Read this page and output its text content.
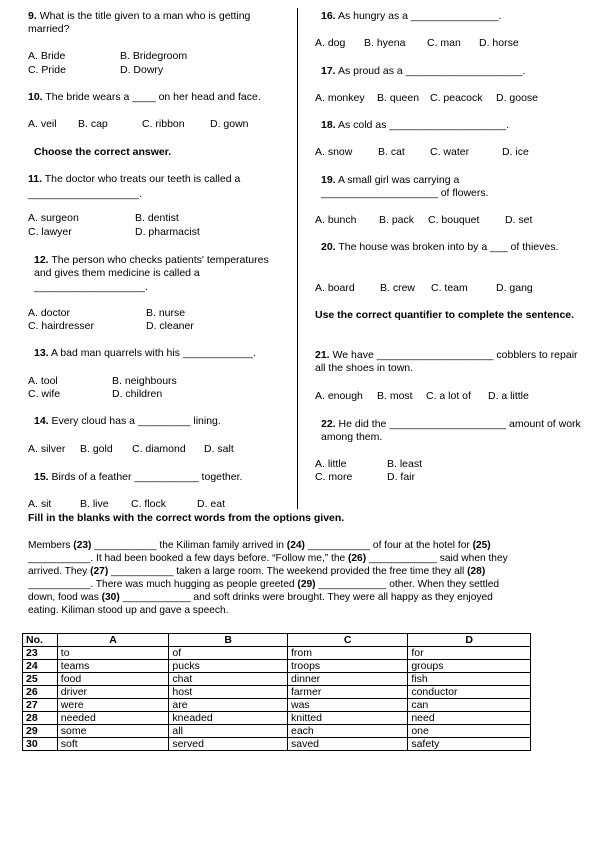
9. What is the title given to a man who is getting married?
A. Bride	B. Bridegroom
C. Pride	D. Dowry
10. The bride wears a ____ on her head and face.
A. veil B. cap	C. ribbon D. gown
Choose the correct answer.
11. The doctor who treats our teeth is called a
___________________.
A. surgeon	B. dentist
C. lawyer	D. pharmacist
12. The person who checks patients' temperatures and gives them medicine is called a
___________________.
A. doctor	B. nurse
C. hairdresser	D. cleaner
13. A bad man quarrels with his ____________.
A. tool	B. neighbours
C. wife	D. children
14. Every cloud has a _________ lining.
A. silver B. gold C. diamond D. salt
15. Birds of a feather ___________ together.
A. sit	B. live C. flock	D. eat
16. As hungry as a _______________.
A. dog B. hyena C. man D. horse
17. As proud as a ____________________.
A. monkey B. queen C. peacock D. goose
18. As cold as ____________________.
A. snow B. cat C. water	D. ice
19. A small girl was carrying a
____________________ of flowers.
A. bunch B. pack C. bouquet D. set
20. The house was broken into by a ___ of thieves.
A. board B. crew C. team	D. gang
Use the correct quantifier to complete the sentence.
21. We have ____________________ cobblers to repair all the shoes in town.
A. enough B. most C. a lot of D. a little
22. He did the ____________________ amount of work among them.
A. little	B. least
C. more	D. fair
Fill in the blanks with the correct words from the options given.
Members (23) ___________ the Kiliman family arrived in (24) ___________ of four at the hotel for (25)
___________. It had been booked a few days before. “Follow me,” the (26) ____________ said when they
arrived. They (27) ___________ taken a large room. The weekend provided the free time they all (28)
___________. There was much hugging as people greeted (29) ____________ other. When they settled
down, food was (30) ____________ and soft drinks were brought. They were all happy as they enjoyed
eating. Kiliman stood up and gave a speech.
No.	A	B	C	D
23	to	of	from	for
24	teams	pucks	troops	groups
25	food	chat	dinner	fish
26	driver	host	farmer	conductor
27	were	are	was	can
28	needed	kneaded	knitted	need
29	some	all	each	one
30	soft	served	saved	safety
